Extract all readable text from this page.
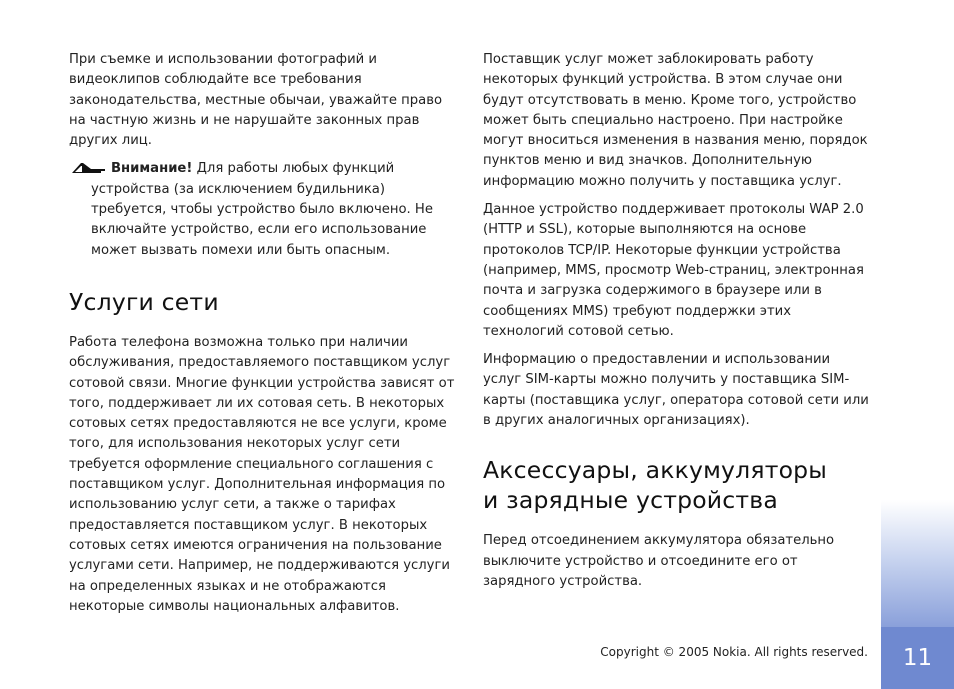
11

При съемке и использовании фотографий и видеоклипов соблюдайте все требования законодательства, местные обычаи, уважайте право на частную жизнь и не нарушайте законных прав других лиц.

Внимание! Для работы любых функций устройства (за исключением будильника) требуется, чтобы устройство было включено. Не включайте устройство, если его использование может вызвать помехи или быть опасным.

Услуги сети

Работа телефона возможна только при наличии обслуживания, предоставляемого поставщиком услуг сотовой связи. Многие функции устройства зависят от того, поддерживает ли их сотовая сеть. В некоторых сотовых сетях предоставляются не все услуги, кроме того, для использования некоторых услуг сети требуется оформление специального соглашения с поставщиком услуг. Дополнительная информация по использованию услуг сети, а также о тарифах предоставляется поставщиком услуг. В некоторых сотовых сетях имеются ограничения на пользование услугами сети. Например, не поддерживаются услуги на определенных языках и не отображаются некоторые символы национальных алфавитов.

Поставщик услуг может заблокировать работу некоторых функций устройства. В этом случае они будут отсутствовать в меню. Кроме того, устройство может быть специально настроено. При настройке могут вноситься изменения в названия меню, порядок пунктов меню и вид значков. Дополнительную информацию можно получить у поставщика услуг.

Данное устройство поддерживает протоколы WAP 2.0 (HTTP и SSL), которые выполняются на основе протоколов TCP/IP. Некоторые функции устройства (например, MMS, просмотр Web-страниц, электронная почта и загрузка содержимого в браузере или в сообщениях MMS) требуют поддержки этих технологий сотовой сетью.

Информацию о предоставлении и использовании услуг SIM-карты можно получить у поставщика SIM-карты (поставщика услуг, оператора сотовой сети или в других аналогичных организациях).

Аксессуары, аккумуляторы
и зарядные устройства

Перед отсоединением аккумулятора обязательно выключите устройство и отсоедините его от зарядного устройства.

Copyright © 2005 Nokia. All rights reserved.
